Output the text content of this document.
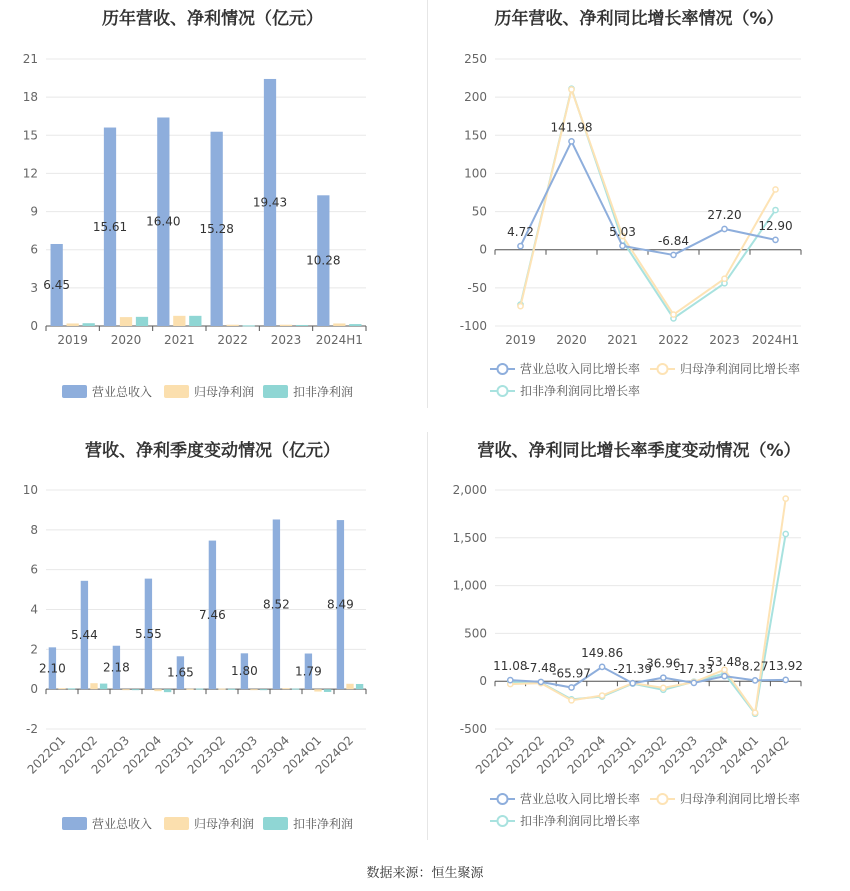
历年营收、净利情况（亿元）
0
3
6
9
12
15
18
21
2019 2020 2021 2022 2023 2024H1
6.45
15.61 16.40
15.28
19.43
10.28
营业总收入	归母净利润	扣非净利润
历年营收、净利同比增长率情况（%）
-100
-50
0
50
100
150
200
250
2019 2020 2021 2022 2023 2024H1
4.72
141.98
5.03
-6.84
27.20
12.90
营业总收入同比增长率	归母净利润同比增长率
扣非净利润同比增长率
营收、净利季度变动情况（亿元）
-2
0
2
4
6
8
10
2022Q1
2022Q2
2022Q3
2022Q4
2023Q1
2023Q2
2023Q3
2023Q4
2024Q1
2024Q2
2.10
5.44
2.18
5.55
1.65
7.46
1.80
8.52
1.79
8.49
营业总收入	归母净利润	扣非净利润
营收、净利同比增长率季度变动情况（%）
-500
0
500
1,000
1,500
2,000
2022Q1
2022Q2
2022Q3
2022Q4
2023Q1
2023Q2
2023Q3
2023Q4
2024Q1
2024Q2
11.08
-7.48
-65.97
149.86
-21.39
36.96
-17.33
53.48 8.27 13.92
营业总收入同比增长率	归母净利润同比增长率
扣非净利润同比增长率
数据来源：恒生聚源
